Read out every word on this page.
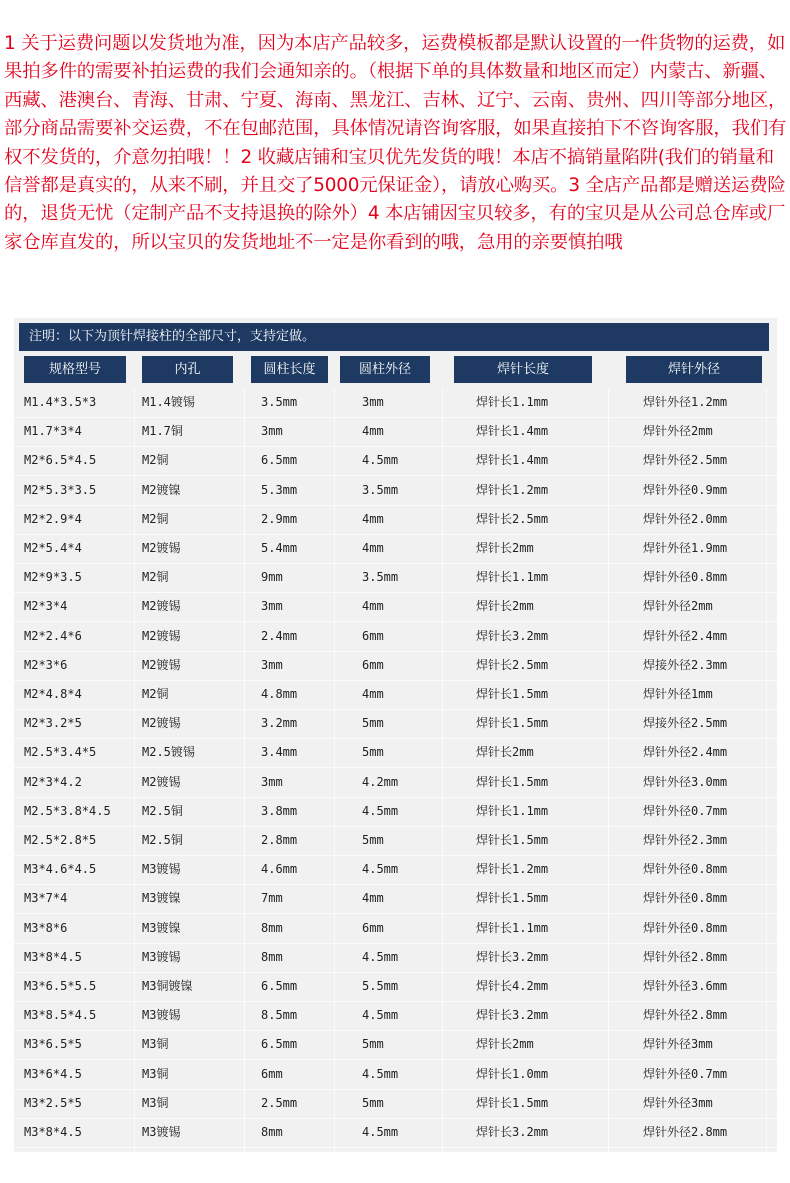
1 关于运费问题以发货地为准，因为本店产品较多，运费模板都是默认设置的一件货物的运费，如果拍多件的需要补拍运费的我们会通知亲的。（根据下单的具体数量和地区而定）内蒙古、新疆、西藏、港澳台、青海、甘肃、宁夏、海南、黑龙江、吉林、辽宁、云南、贵州、四川等部分地区，部分商品需要补交运费，不在包邮范围，具体情况请咨询客服，如果直接拍下不咨询客服，我们有权不发货的，介意勿拍哦！！2 收藏店铺和宝贝优先发货的哦！本店不搞销量陷阱(我们的销量和信誉都是真实的，从来不刷，并且交了5000元保证金），请放心购买。3 全店产品都是赠送运费险的，退货无忧（定制产品不支持退换的除外）4 本店铺因宝贝较多，有的宝贝是从公司总仓库或厂家仓库直发的，所以宝贝的发货地址不一定是你看到的哦，急用的亲要慎拍哦
注明：以下为顶针焊接柱的全部尺寸，支持定做。
规格型号	内孔	圆柱长度	圆柱外径	焊针长度	焊针外径
M1.4*3.5*3	M1.4镀锡	3.5mm	3mm	焊针长1.1mm	焊针外径1.2mm
M1.7*3*4	M1.7铜	3mm	4mm	焊针长1.4mm	焊针外径2mm
M2*6.5*4.5	M2铜	6.5mm	4.5mm	焊针长1.4mm	焊针外径2.5mm
M2*5.3*3.5	M2镀镍	5.3mm	3.5mm	焊针长1.2mm	焊针外径0.9mm
M2*2.9*4	M2铜	2.9mm	4mm	焊针长2.5mm	焊针外径2.0mm
M2*5.4*4	M2镀锡	5.4mm	4mm	焊针长2mm	焊针外径1.9mm
M2*9*3.5	M2铜	9mm	3.5mm	焊针长1.1mm	焊针外径0.8mm
M2*3*4	M2镀锡	3mm	4mm	焊针长2mm	焊针外径2mm
M2*2.4*6	M2镀锡	2.4mm	6mm	焊针长3.2mm	焊针外径2.4mm
M2*3*6	M2镀锡	3mm	6mm	焊针长2.5mm	焊接外径2.3mm
M2*4.8*4	M2铜	4.8mm	4mm	焊针长1.5mm	焊针外径1mm
M2*3.2*5	M2镀锡	3.2mm	5mm	焊针长1.5mm	焊接外径2.5mm
M2.5*3.4*5	M2.5镀锡	3.4mm	5mm	焊针长2mm	焊针外径2.4mm
M2*3*4.2	M2镀锡	3mm	4.2mm	焊针长1.5mm	焊针外径3.0mm
M2.5*3.8*4.5	M2.5铜	3.8mm	4.5mm	焊针长1.1mm	焊针外径0.7mm
M2.5*2.8*5	M2.5铜	2.8mm	5mm	焊针长1.5mm	焊针外径2.3mm
M3*4.6*4.5	M3镀锡	4.6mm	4.5mm	焊针长1.2mm	焊针外径0.8mm
M3*7*4	M3镀镍	7mm	4mm	焊针长1.5mm	焊针外径0.8mm
M3*8*6	M3镀镍	8mm	6mm	焊针长1.1mm	焊针外径0.8mm
M3*8*4.5	M3镀锡	8mm	4.5mm	焊针长3.2mm	焊针外径2.8mm
M3*6.5*5.5	M3铜镀镍	6.5mm	5.5mm	焊针长4.2mm	焊针外径3.6mm
M3*8.5*4.5	M3镀锡	8.5mm	4.5mm	焊针长3.2mm	焊针外径2.8mm
M3*6.5*5	M3铜	6.5mm	5mm	焊针长2mm	焊针外径3mm
M3*6*4.5	M3铜	6mm	4.5mm	焊针长1.0mm	焊针外径0.7mm
M3*2.5*5	M3铜	2.5mm	5mm	焊针长1.5mm	焊针外径3mm
M3*8*4.5	M3镀锡	8mm	4.5mm	焊针长3.2mm	焊针外径2.8mm
